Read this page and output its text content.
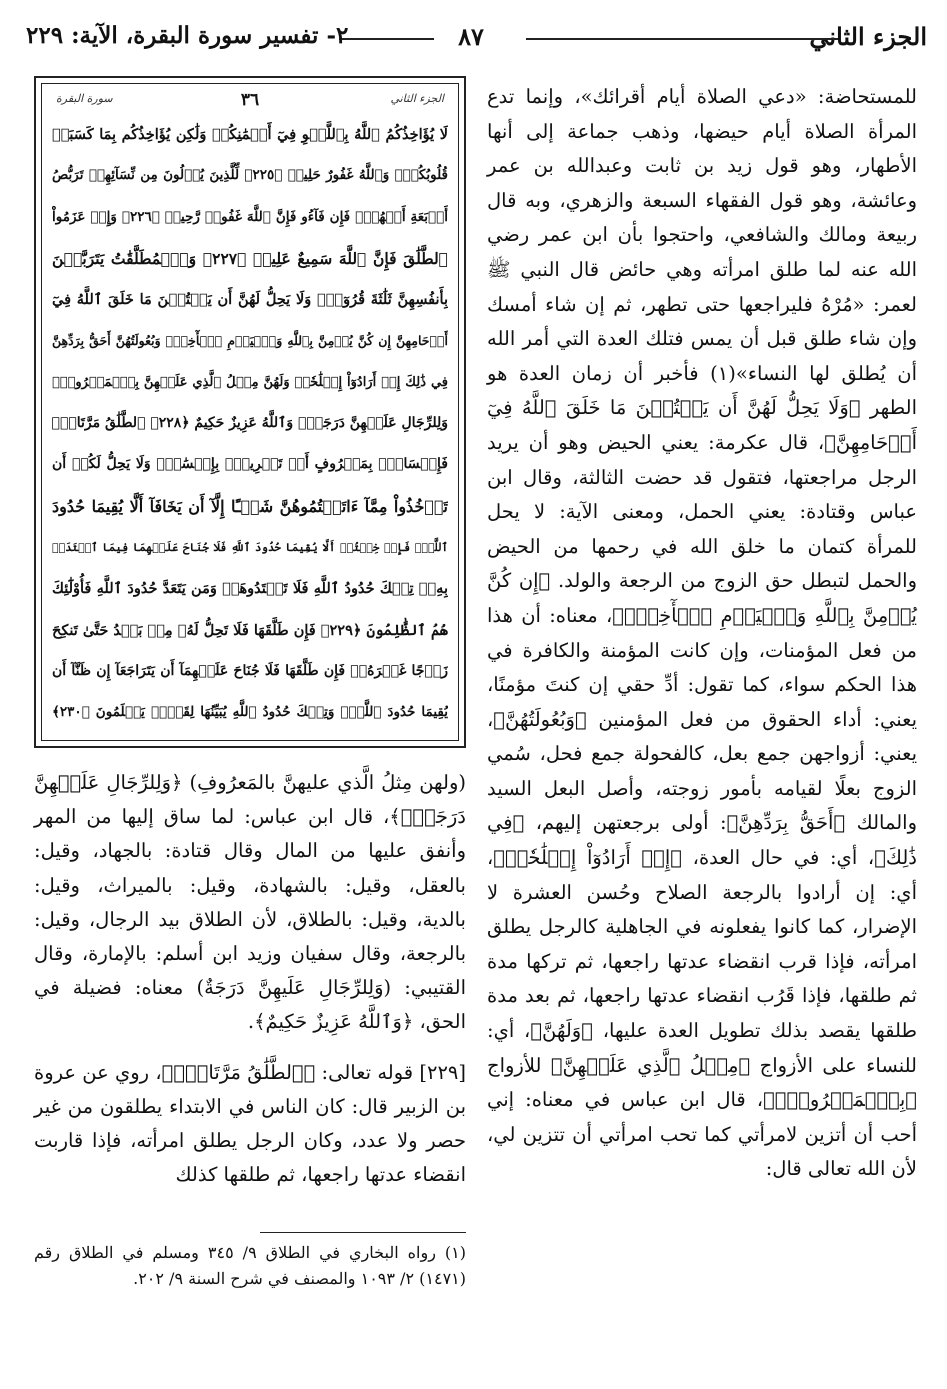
الجزء الثاني
٨٧
٢- تفسير سورة البقرة، الآية: ٢٢٩
الجزء الثاني
٣٦
سورة البقرة
لَا يُؤَاخِذُكُمُ ٱللَّهُ بِٱللَّغۡوِ فِيٓ أَيۡمَٰنِكُمۡ وَلَٰكِن يُؤَاخِذُكُم بِمَا كَسَبَتۡ
قُلُوبُكُمۡۗ وَٱللَّهُ غَفُورٌ حَلِيمٞ ﴿٢٢٥﴾ لِّلَّذِينَ يُؤۡلُونَ مِن نِّسَآئِهِمۡ تَرَبُّصُ
أَرۡبَعَةِ أَشۡهُرٖۖ فَإِن فَآءُو فَإِنَّ ٱللَّهَ غَفُورٞ رَّحِيمٞ ﴿٢٢٦﴾ وَإِنۡ عَزَمُواْ
ٱلطَّلَٰقَ فَإِنَّ ٱللَّهَ سَمِيعٌ عَلِيمٞ ﴿٢٢٧﴾ وَٱلۡمُطَلَّقَٰتُ يَتَرَبَّصۡنَ
بِأَنفُسِهِنَّ ثَلَٰثَةَ قُرُوٓءٖۚ وَلَا يَحِلُّ لَهُنَّ أَن يَكۡتُمۡنَ مَا خَلَقَ ٱللَّهُ فِيٓ
أَرۡحَامِهِنَّ إِن كُنَّ يُؤۡمِنَّ بِٱللَّهِ وَٱلۡيَوۡمِ ٱلۡأٓخِرِۚ وَبُعُولَتُهُنَّ أَحَقُّ بِرَدِّهِنَّ
فِي ذَٰلِكَ إِنۡ أَرَادُوٓاْ إِصۡلَٰحٗاۚ وَلَهُنَّ مِثۡلُ ٱلَّذِي عَلَيۡهِنَّ بِٱلۡمَعۡرُوفِۚ
وَلِلرِّجَالِ عَلَيۡهِنَّ دَرَجَةٞۗ وَٱللَّهُ عَزِيزٌ حَكِيمٌ ﴿٢٢٨﴾ ٱلطَّلَٰقُ مَرَّتَانِۖ
فَإِمۡسَاكُۢ بِمَعۡرُوفٍ أَوۡ تَسۡرِيحُۢ بِإِحۡسَٰنٖۗ وَلَا يَحِلُّ لَكُمۡ أَن
تَأۡخُذُواْ مِمَّآ ءَاتَيۡتُمُوهُنَّ شَيۡـًٔا إِلَّآ أَن يَخَافَآ أَلَّا يُقِيمَا حُدُودَ
ٱللَّهِۖ فَإِنۡ خِفۡتُمۡ أَلَّا يُقِيمَا حُدُودَ ٱللَّهِ فَلَا جُنَاحَ عَلَيۡهِمَا فِيمَا ٱفۡتَدَتۡ
بِهِۦۗ تِلۡكَ حُدُودُ ٱللَّهِ فَلَا تَعۡتَدُوهَاۚ وَمَن يَتَعَدَّ حُدُودَ ٱللَّهِ فَأُوْلَٰٓئِكَ
هُمُ ٱلظَّٰلِمُونَ ﴿٢٢٩﴾ فَإِن طَلَّقَهَا فَلَا تَحِلُّ لَهُۥ مِنۢ بَعۡدُ حَتَّىٰ تَنكِحَ
زَوۡجًا غَيۡرَهُۥۗ فَإِن طَلَّقَهَا فَلَا جُنَاحَ عَلَيۡهِمَآ أَن يَتَرَاجَعَآ إِن ظَنَّآ أَن
يُقِيمَا حُدُودَ ٱللَّهِۗ وَتِلۡكَ حُدُودُ ٱللَّهِ يُبَيِّنُهَا لِقَوۡمٖ يَعۡلَمُونَ ﴿٢٣٠﴾

للمستحاضة: «دعي الصلاة أيام أقرائك»، وإنما تدع المرأة الصلاة أيام حيضها، وذهب جماعة إلى أنها الأطهار، وهو قول زيد بن ثابت وعبدالله بن عمر وعائشة، وهو قول الفقهاء السبعة والزهري، وبه قال ربيعة ومالك والشافعي، واحتجوا بأن ابن عمر رضي الله عنه لما طلق امرأته وهي حائض قال النبي ﷺ لعمر: «مُرْهُ فليراجعها حتى تطهر، ثم إن شاء أمسك وإن شاء طلق قبل أن يمس فتلك العدة التي أمر الله أن يُطلق لها النساء»(١) فأخبر أن زمان العدة هو الطهر ﴿وَلَا يَحِلُّ لَهُنَّ أَن يَكۡتُمۡنَ مَا خَلَقَ ٱللَّهُ فِيٓ أَرۡحَامِهِنَّ﴾، قال عكرمة: يعني الحيض وهو أن يريد الرجل مراجعتها، فتقول قد حضت الثالثة، وقال ابن عباس وقتادة: يعني الحمل، ومعنى الآية: لا يحل للمرأة كتمان ما خلق الله في رحمها من الحيض والحمل لتبطل حق الزوج من الرجعة والولد. ﴿إِن كُنَّ يُؤۡمِنَّ بِٱللَّهِ وَٱلۡيَوۡمِ ٱلۡأٓخِرِۚ﴾، معناه: أن هذا من فعل المؤمنات، وإن كانت المؤمنة والكافرة في هذا الحكم سواء، كما تقول: أدِّ حقي إن كنتَ مؤمنًا، يعني: أداء الحقوق من فعل المؤمنين ﴿وَبُعُولَتُهُنَّ﴾، يعني: أزواجهن جمع بعل، كالفحولة جمع فحل، سُمي الزوج بعلًا لقيامه بأمور زوجته، وأصل البعل السيد والمالك ﴿أَحَقُّ بِرَدِّهِنَّ﴾: أولى برجعتهن إليهم، ﴿فِي ذَٰلِكَ﴾، أي: في حال العدة، ﴿إِنۡ أَرَادُوٓاْ إِصۡلَٰحٗاۚ﴾، أي: إن أرادوا بالرجعة الصلاح وحُسن العشرة لا الإضرار، كما كانوا يفعلونه في الجاهلية كالرجل يطلق امرأته، فإذا قرب انقضاء عدتها راجعها، ثم تركها مدة ثم طلقها، فإذا قَرُب انقضاء عدتها راجعها، ثم بعد مدة طلقها يقصد بذلك تطويل العدة عليها، ﴿وَلَهُنَّ﴾، أي: للنساء على الأزواج ﴿مِثۡلُ ٱلَّذِي عَلَيۡهِنَّ﴾ للأزواج ﴿بِٱلۡمَعۡرُوفِۚ﴾، قال ابن عباس في معناه: إني أحب أن أتزين لامرأتي كما تحب امرأتي أن تتزين لي، لأن الله تعالى قال:

(ولهن مِثلُ الَّذي عليهنَّ بالمَعرُوفِ) ﴿وَلِلرِّجَالِ عَلَيۡهِنَّ دَرَجَةٞۗ﴾، قال ابن عباس: لما ساق إليها من المهر وأنفق عليها من المال وقال قتادة: بالجهاد، وقيل: بالعقل، وقيل: بالشهادة، وقيل: بالميراث، وقيل: بالدية، وقيل: بالطلاق، لأن الطلاق بيد الرجال، وقيل: بالرجعة، وقال سفيان وزيد ابن أسلم: بالإمارة، وقال القتيبي: (وَلِلرِّجَالِ عَلَيهِنَّ دَرَجَةٌ) معناه: فضيلة في الحق، ﴿وَٱللَّهُ عَزِيزٌ حَكِيمٌ﴾.

[٢٢٩] قوله تعالى: ﴿ٱلطَّلَٰقُ مَرَّتَانِۖ﴾، روي عن عروة بن الزبير قال: كان الناس في الابتداء يطلقون من غير حصر ولا عدد، وكان الرجل يطلق امرأته، فإذا قاربت انقضاء عدتها راجعها، ثم طلقها كذلك

(١) رواه البخاري في الطلاق ٩/ ٣٤٥ ومسلم في الطلاق رقم (١٤٧١) ٢/ ١٠٩٣ والمصنف في شرح السنة ٩/ ٢٠٢.
